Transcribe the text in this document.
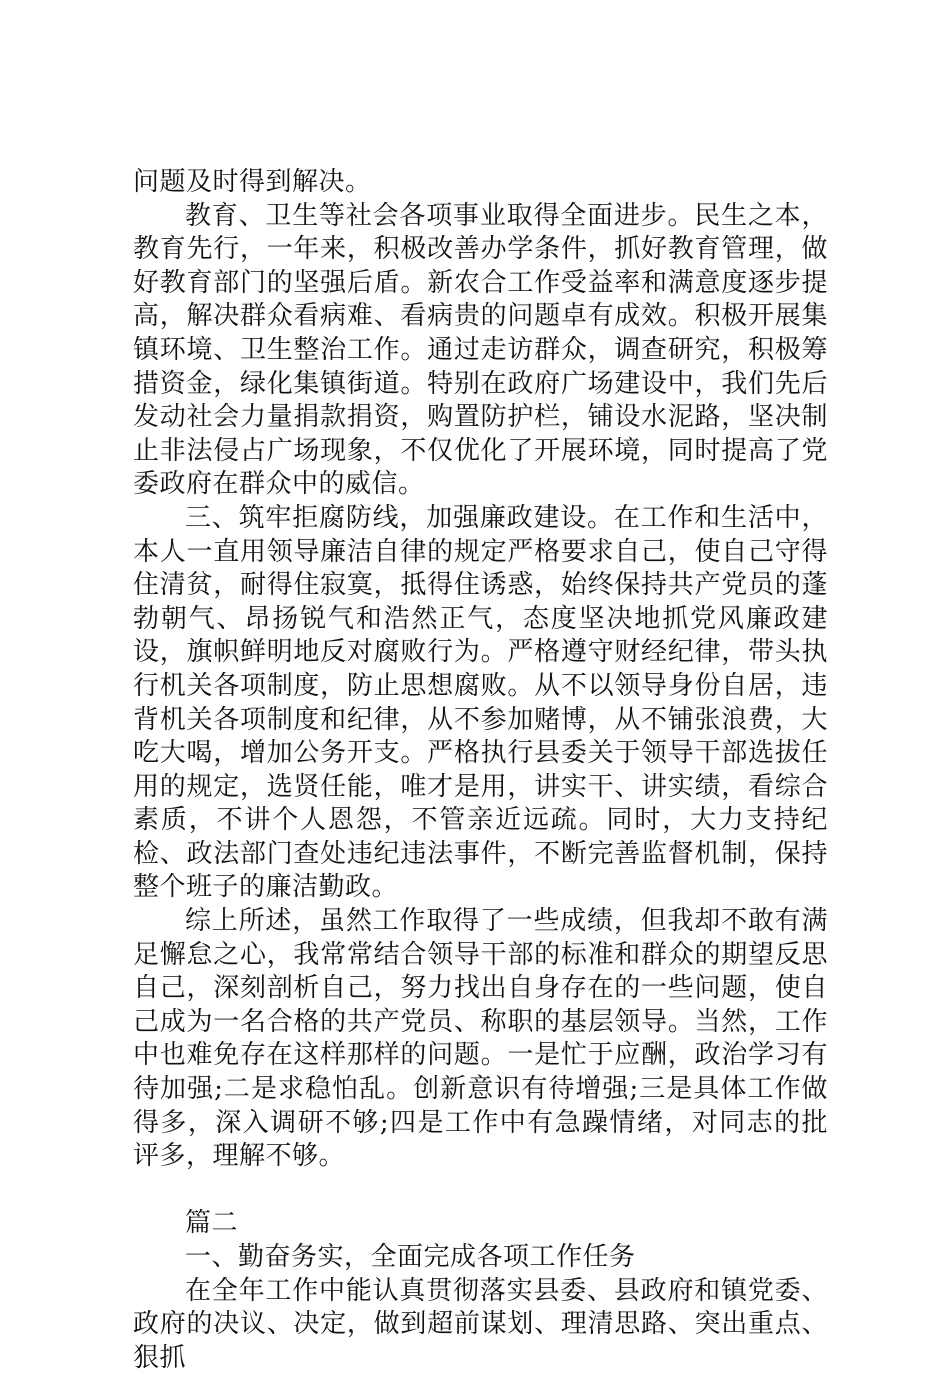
问题及时得到解决。

教育、卫生等社会各项事业取得全面进步。民生之本，教育先行，一年来，积极改善办学条件，抓好教育管理，做好教育部门的坚强后盾。新农合工作受益率和满意度逐步提高，解决群众看病难、看病贵的问题卓有成效。积极开展集镇环境、卫生整治工作。通过走访群众，调查研究，积极筹措资金，绿化集镇街道。特别在政府广场建设中，我们先后发动社会力量捐款捐资，购置防护栏，铺设水泥路，坚决制止非法侵占广场现象，不仅优化了开展环境，同时提高了党委政府在群众中的威信。

三、筑牢拒腐防线，加强廉政建设。在工作和生活中，本人一直用领导廉洁自律的规定严格要求自己，使自己守得住清贫，耐得住寂寞，抵得住诱惑，始终保持共产党员的蓬勃朝气、昂扬锐气和浩然正气，态度坚决地抓党风廉政建设，旗帜鲜明地反对腐败行为。严格遵守财经纪律，带头执行机关各项制度，防止思想腐败。从不以领导身份自居，违背机关各项制度和纪律，从不参加赌博，从不铺张浪费，大吃大喝，增加公务开支。严格执行县委关于领导干部选拔任用的规定，选贤任能，唯才是用，讲实干、讲实绩，看综合素质，不讲个人恩怨，不管亲近远疏。同时，大力支持纪检、政法部门查处违纪违法事件，不断完善监督机制，保持整个班子的廉洁勤政。

综上所述，虽然工作取得了一些成绩，但我却不敢有满足懈怠之心，我常常结合领导干部的标准和群众的期望反思自己，深刻剖析自己，努力找出自身存在的一些问题，使自己成为一名合格的共产党员、称职的基层领导。当然，工作中也难免存在这样那样的问题。一是忙于应酬，政治学习有待加强;二是求稳怕乱。创新意识有待增强;三是具体工作做得多，深入调研不够;四是工作中有急躁情绪，对同志的批评多，理解不够。

篇二

一、勤奋务实，全面完成各项工作任务

在全年工作中能认真贯彻落实县委、县政府和镇党委、政府的决议、决定，做到超前谋划、理清思路、突出重点、狠抓
